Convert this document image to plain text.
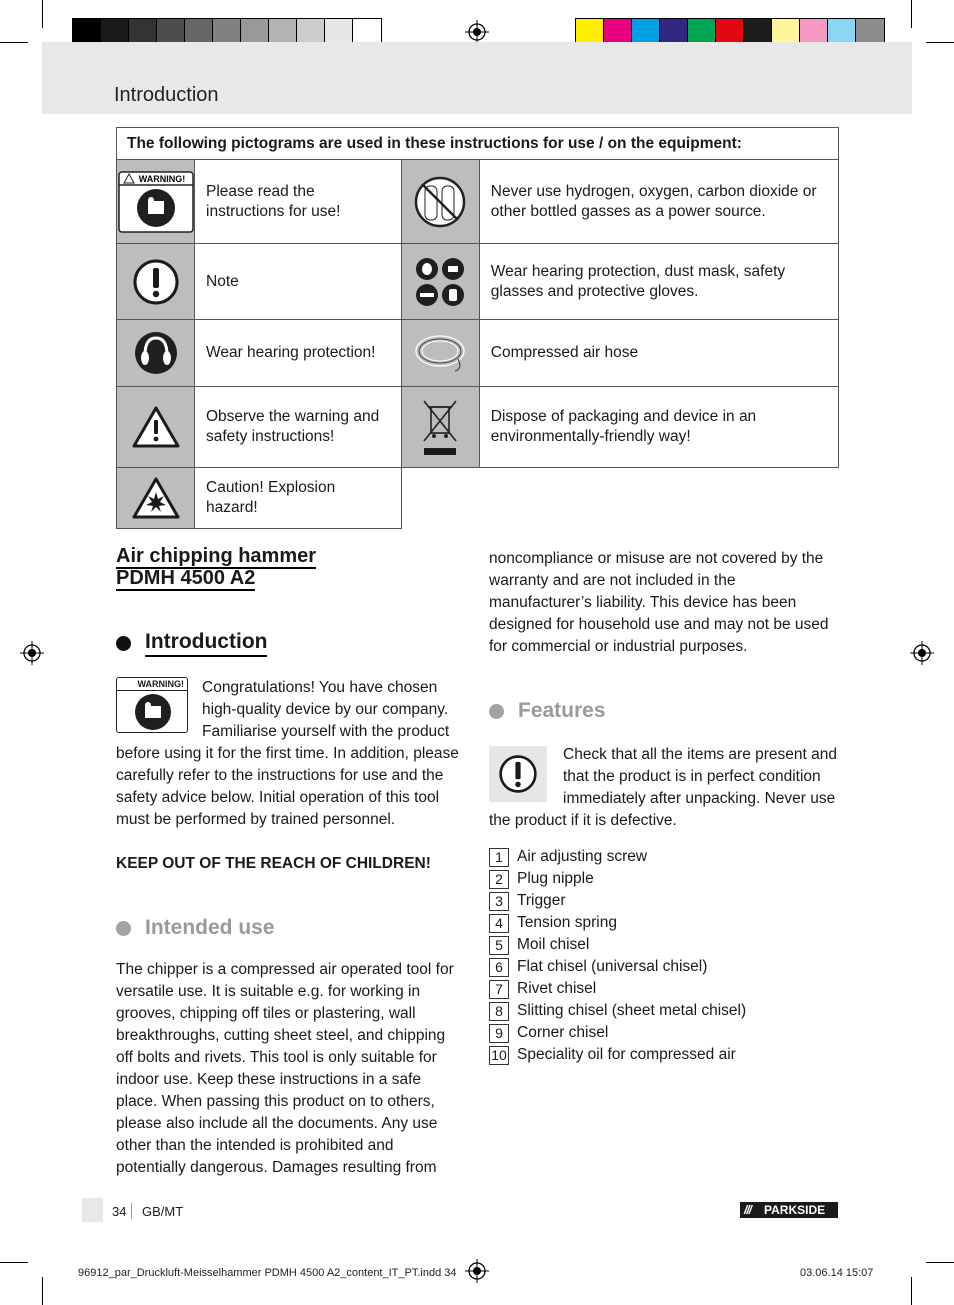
Introduction
The following pictograms are used in these instructions for use / on the equipment:			

WARNING!	Please read the instructions for use!		Never use hydrogen, oxygen, carbon dioxide or other bottled gasses as a power source.

	Note		Wear hearing protection, dust mask, safety glasses and protective gloves.

	Wear hearing protection!		Compressed air hose

	Observe the warning and safety instructions!		Dispose of packaging and device in an environmentally-friendly way!

	Caution! Explosion hazard!		
Air chipping hammer
PDMH 4500 A2
Introduction
WARNING! Congratulations! You have chosen high-quality device by our company. Familiarise yourself with the product before using it for the first time. In addition, please carefully refer to the instructions for use and the safety advice below. Initial operation of this tool must be performed by trained personnel.
KEEP OUT OF THE REACH OF CHILDREN!
Intended use
The chipper is a compressed air operated tool for versatile use. It is suitable e.g. for working in grooves, chipping off tiles or plastering, wall breakthroughs, cutting sheet steel, and chipping off bolts and rivets. This tool is only suitable for indoor use. Keep these instructions in a safe place. When passing this product on to others, please also include all the documents. Any use other than the intended is prohibited and potentially dangerous. Damages resulting from
noncompliance or misuse are not covered by the warranty and are not included in the manufacturer’s liability. This device has been designed for household use and may not be used for commercial or industrial purposes.
Features
Check that all the items are present and that the product is in perfect condition immediately after unpacking. Never use the product if it is defective.
1 Air adjusting screw
2 Plug nipple
3 Trigger
4 Tension spring
5 Moil chisel
6 Flat chisel (universal chisel)
7 Rivet chisel
8 Slitting chisel (sheet metal chisel)
9 Corner chisel
10 Speciality oil for compressed air
34 GB/MT	/// PARKSIDE
96912_par_Druckluft-Meisselhammer PDMH 4500 A2_content_IT_PT.indd 34	03.06.14 15:07
